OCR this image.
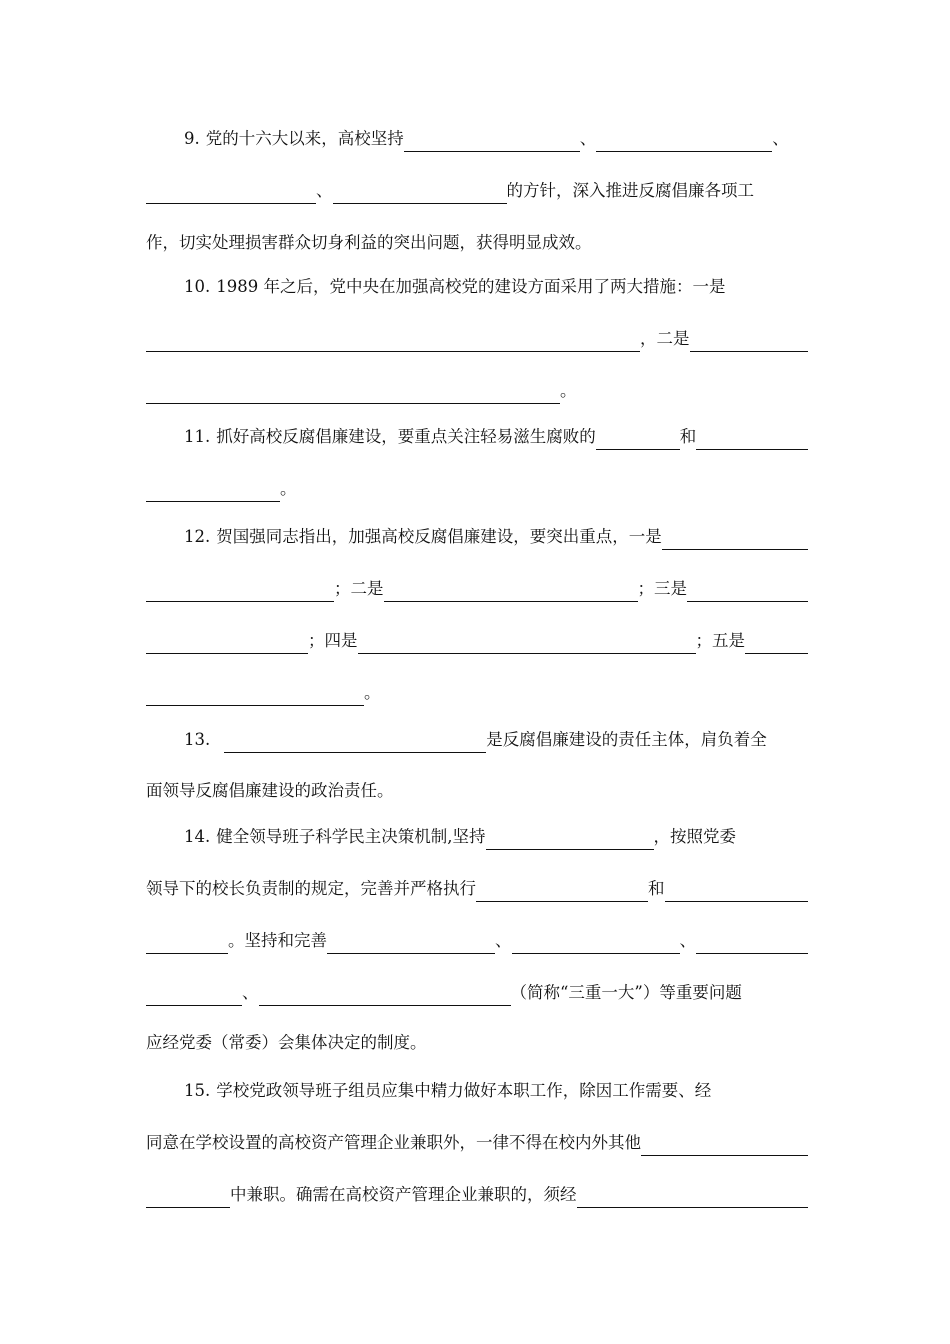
9. 党的十六大以来，高校坚持	、	、
、	的方针，深入推进反腐倡廉各项工
作，切实处理损害群众切身利益的突出问题，获得明显成效。
10. 1989 年之后，党中央在加强高校党的建设方面采用了两大措施：一是
，二是
。
11. 抓好高校反腐倡廉建设，要重点关注轻易滋生腐败的	和
。
12. 贺国强同志指出，加强高校反腐倡廉建设，要突出重点，一是
；二是	；三是
；四是	；五是
。
13.	是反腐倡廉建设的责任主体，肩负着全
面领导反腐倡廉建设的政治责任。
14. 健全领导班子科学民主决策机制,坚持	，按照党委
领导下的校长负责制的规定，完善并严格执行	和
。坚持和完善	、	、
、	（简称“三重一大”）等重要问题
应经党委（常委）会集体决定的制度。
15. 学校党政领导班子组员应集中精力做好本职工作，除因工作需要、经
同意在学校设置的高校资产管理企业兼职外，一律不得在校内外其他
中兼职。确需在高校资产管理企业兼职的，须经
